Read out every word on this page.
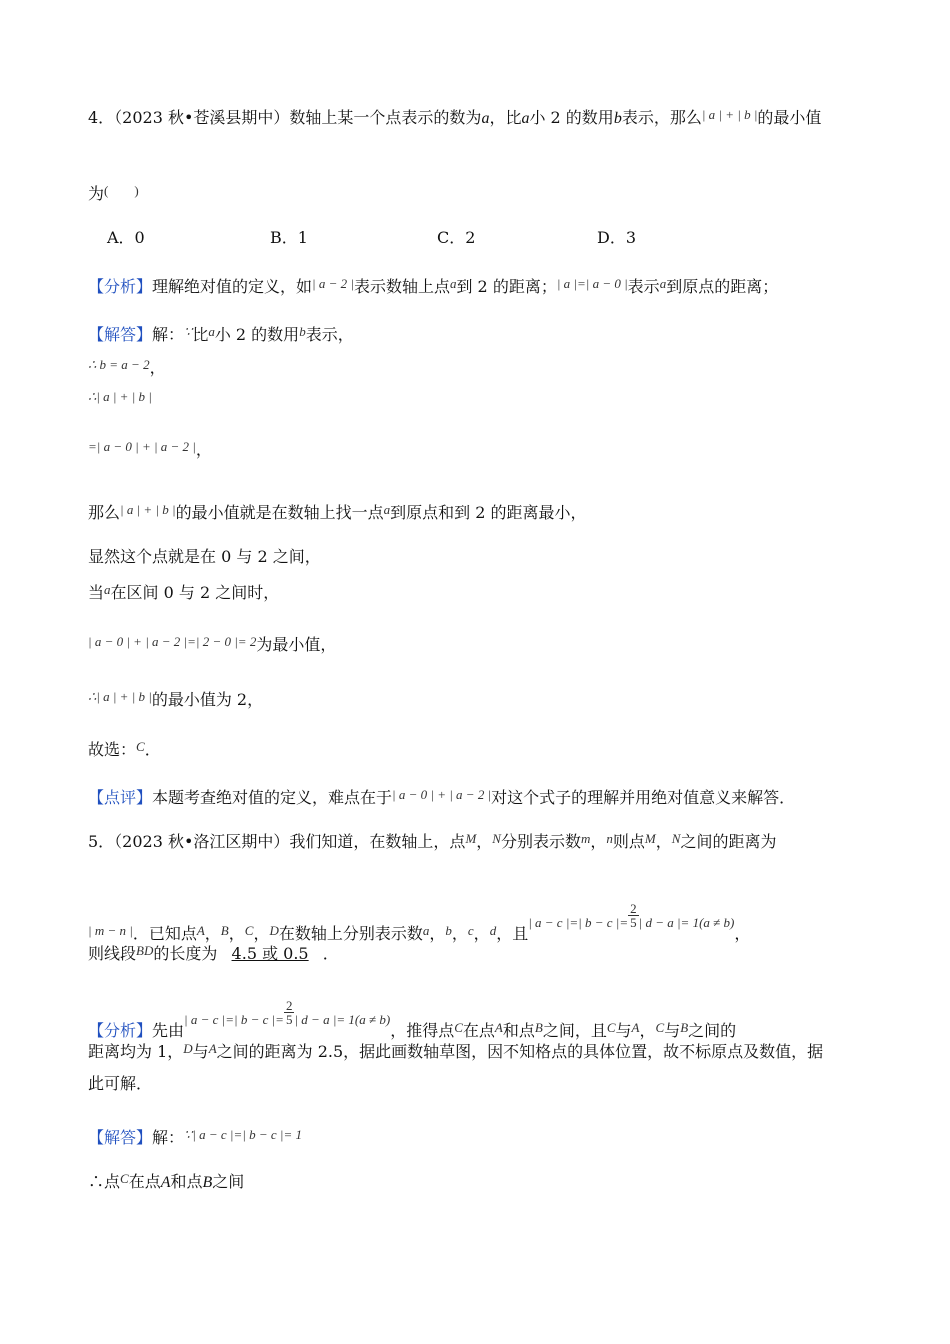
4．（2023 秋•苍溪县期中）数轴上某一个点表示的数为a，比a小 2 的数用b表示，那么$^{| a | + | b |}$的最小值
为(　　)
A．0	B．1	C．2	D．3
【分析】理解绝对值的定义，如$^{| a - 2 |}$表示数轴上点$^a$到 2 的距离；$^{| a |=| a - 0 |}$表示$^a$到原点的距离；
【解答】解：∵比$^a$小 2 的数用$^b$表示，
$^{\therefore b = a - 2}$，
$^{\therefore| a | + | b |}$
$^{=| a - 0 | + | a - 2 |}$，
那么$^{| a | + | b |}$的最小值就是在数轴上找一点$^a$到原点和到 2 的距离最小，
显然这个点就是在 0 与 2 之间，
当$^a$在区间 0 与 2 之间时，
$^{| a - 0 | + | a - 2 |=| 2 - 0 |= 2}$为最小值，
$^{\therefore| a | + | b |}$的最小值为 2，
故选：$^C$．
【点评】本题考查绝对值的定义，难点在于$^{| a - 0 | + | a - 2 |}$对这个式子的理解并用绝对值意义来解答．
5．（2023 秋•洛江区期中）我们知道，在数轴上，点$^M$，$^N$分别表示数$^m$，$^n$则点$^M$，$^N$之间的距离为
$^{| m - n |}$．已知点$^A$，$^B$，$^C$，$^D$在数轴上分别表示数$^a$，$^b$，$^c$，$^d$，且| a − c |=| b − c |= $\frac{2}{5}$ | d − a |= 1(a ≠ b)，
则线段$^{BD}$的长度为 4.5 或 0.5 ．
【分析】先由| a − c |=| b − c |= $\frac{2}{5}$ | d − a |= 1(a ≠ b)，推得点$^C$在点$^A$和点$^B$之间，且$^C$与$^A$，$^C$与$^B$之间的
距离均为 1，$^D$与$^A$之间的距离为 2.5，据此画数轴草图，因不知格点的具体位置，故不标原点及数值，据
此可解．
【解答】解：$^{\because| a - c |=| b - c |= 1}$
∴点$^C$在点A和点B之间
